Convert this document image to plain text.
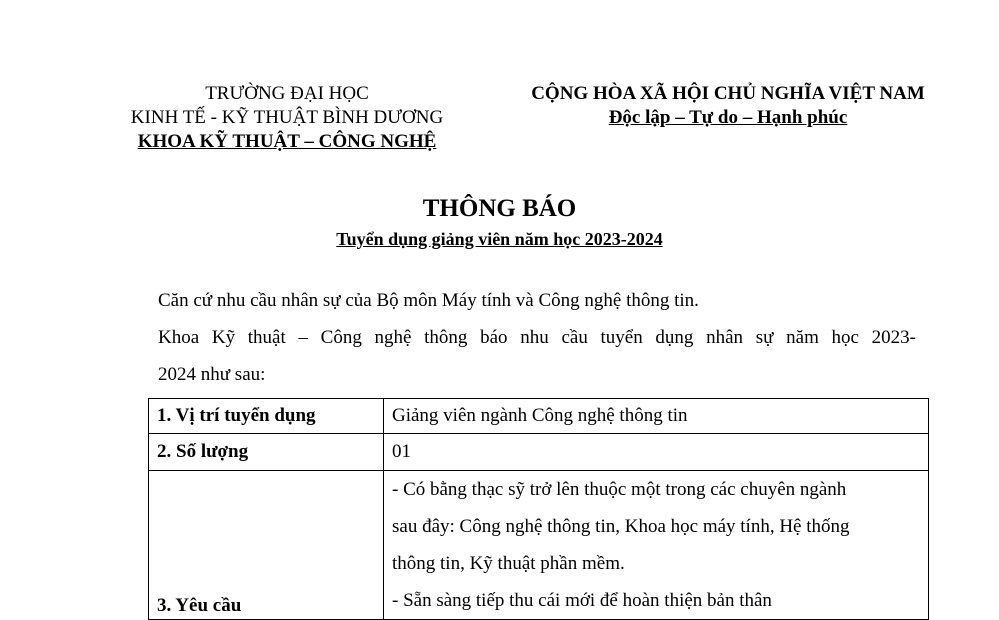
TRƯỜNG ĐẠI HỌC
KINH TẾ - KỸ THUẬT BÌNH DƯƠNG
KHOA KỸ THUẬT – CÔNG NGHỆ
CỘNG HÒA XÃ HỘI CHỦ NGHĨA VIỆT NAM
Độc lập – Tự do – Hạnh phúc
THÔNG BÁO
Tuyển dụng giảng viên năm học 2023-2024
Căn cứ nhu cầu nhân sự của Bộ môn Máy tính và Công nghệ thông tin.
Khoa Kỹ thuật – Công nghệ thông báo nhu cầu tuyển dụng nhân sự năm học 2023-
2024 như sau:
1. Vị trí tuyển dụng	Giảng viên ngành Công nghệ thông tin
2. Số lượng	01
3. Yêu cầu	- Có bằng thạc sỹ trở lên thuộc một trong các chuyên ngành
sau đây: Công nghệ thông tin, Khoa học máy tính, Hệ thống
thông tin, Kỹ thuật phần mềm.
- Sẵn sàng tiếp thu cái mới để hoàn thiện bản thân
